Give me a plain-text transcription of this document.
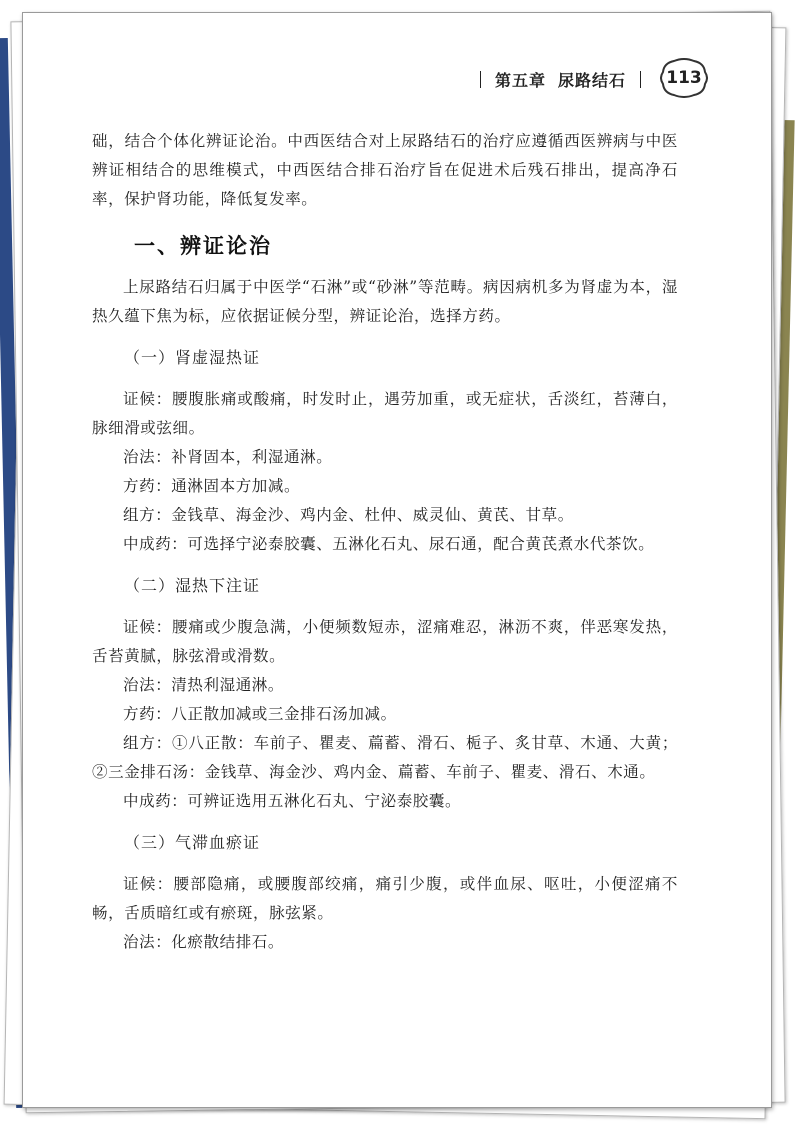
第五章 尿路结石	113

础，结合个体化辨证论治。中西医结合对上尿路结石的治疗应遵循西医辨病与中医辨证相结合的思维模式，中西医结合排石治疗旨在促进术后残石排出，提高净石率，保护肾功能，降低复发率。

一、辨证论治

上尿路结石归属于中医学“石淋”或“砂淋”等范畴。病因病机多为肾虚为本，湿热久蕴下焦为标，应依据证候分型，辨证论治，选择方药。

（一）肾虚湿热证

证候：腰腹胀痛或酸痛，时发时止，遇劳加重，或无症状，舌淡红，苔薄白，脉细滑或弦细。

治法：补肾固本，利湿通淋。

方药：通淋固本方加减。

组方：金钱草、海金沙、鸡内金、杜仲、威灵仙、黄芪、甘草。

中成药：可选择宁泌泰胶囊、五淋化石丸、尿石通，配合黄芪煮水代茶饮。

（二）湿热下注证

证候：腰痛或少腹急满，小便频数短赤，涩痛难忍，淋沥不爽，伴恶寒发热，舌苔黄腻，脉弦滑或滑数。

治法：清热利湿通淋。

方药：八正散加减或三金排石汤加减。

组方：①八正散：车前子、瞿麦、萹蓄、滑石、栀子、炙甘草、木通、大黄；②三金排石汤：金钱草、海金沙、鸡内金、萹蓄、车前子、瞿麦、滑石、木通。

中成药：可辨证选用五淋化石丸、宁泌泰胶囊。

（三）气滞血瘀证

证候：腰部隐痛，或腰腹部绞痛，痛引少腹，或伴血尿、呕吐，小便涩痛不畅，舌质暗红或有瘀斑，脉弦紧。

治法：化瘀散结排石。
